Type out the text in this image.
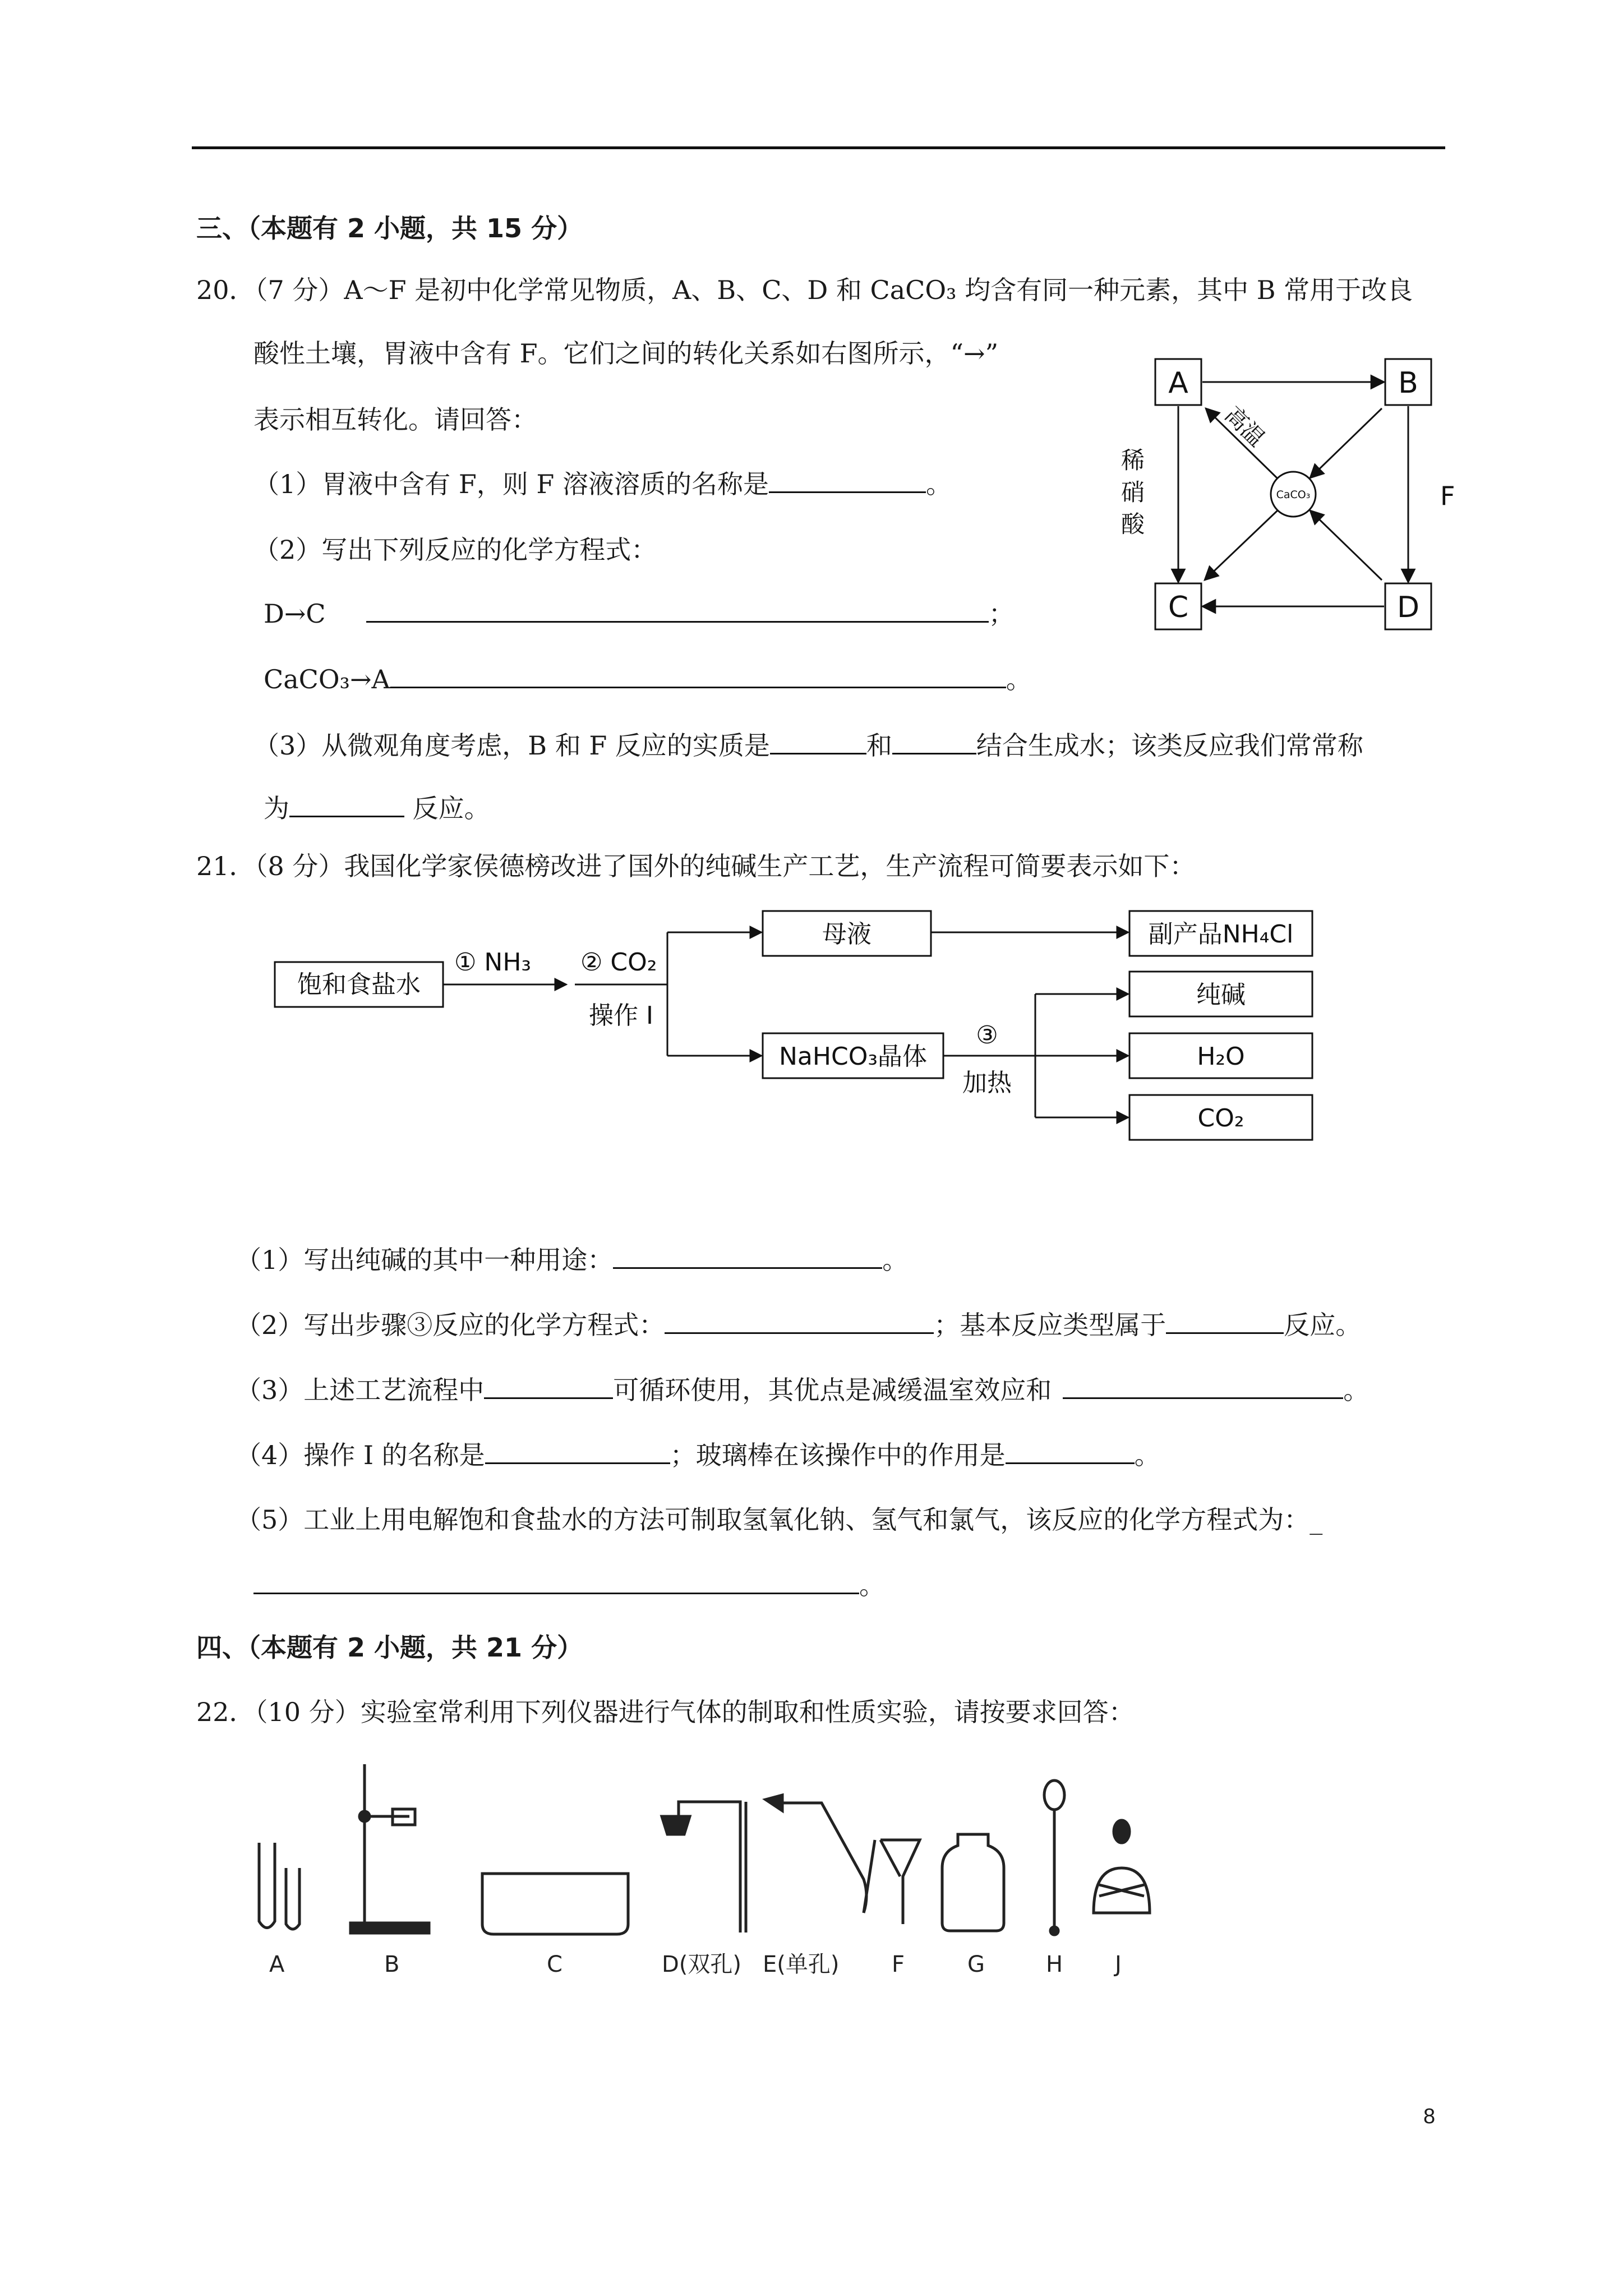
三、（本题有 2 小题，共 15 分）
20．（7 分）A～F 是初中化学常见物质，A、B、C、D 和 CaCO₃ 均含有同一种元素，其中 B 常用于改良
酸性土壤，胃液中含有 F。它们之间的转化关系如右图所示，“→”
表示相互转化。请回答：
（1）胃液中含有 F，则 F 溶液溶质的名称是	。
（2）写出下列反应的化学方程式：
D→C	；
CaCO₃→A	。
（3）从微观角度考虑，B 和 F 反应的实质是	和	结合生成水；该类反应我们常常称
为	反应。
A	B
C	D
CaCO₃
高温
稀
硝
酸
F
21．（8 分）我国化学家侯德榜改进了国外的纯碱生产工艺，生产流程可简要表示如下：
饱和食盐水
母液	副产品NH₄Cl
NaHCO₃晶体
纯碱
H₂O
CO₂
① NH₃ ② CO₂
操作 I
③
加热
（1）写出纯碱的其中一种用途：	。
（2）写出步骤③反应的化学方程式：	；基本反应类型属于	反应。
（3）上述工艺流程中	可循环使用，其优点是减缓温室效应和	。
（4）操作 I 的名称是	；玻璃棒在该操作中的作用是	。
（5）工业上用电解饱和食盐水的方法可制取氢氧化钠、氢气和氯气，该反应的化学方程式为：_
。
四、（本题有 2 小题，共 21 分）
22．（10 分）实验室常利用下列仪器进行气体的制取和性质实验，请按要求回答：
A	B	C	D(双孔) E(单孔) F	G	H J
8
